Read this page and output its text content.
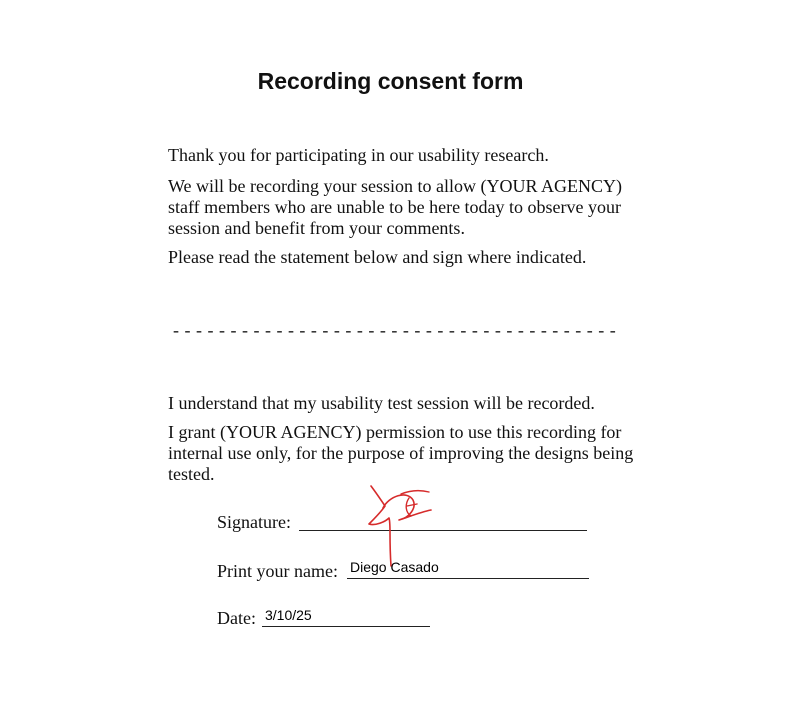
Recording consent form

Thank you for participating in our usability research.

We will be recording your session to allow (YOUR AGENCY) staff members who are unable to be here today to observe your session and benefit from your comments.

Please read the statement below and sign where indicated.

- - - - - - - - - - - - - - - - - - - - - - - - - - - - - - - - - - - - - - -

I understand that my usability test session will be recorded.

I grant (YOUR AGENCY) permission to use this recording for internal use only, for the purpose of improving the designs being tested.

Signature:
Print your name: Diego Casado
Date: 3/10/25
